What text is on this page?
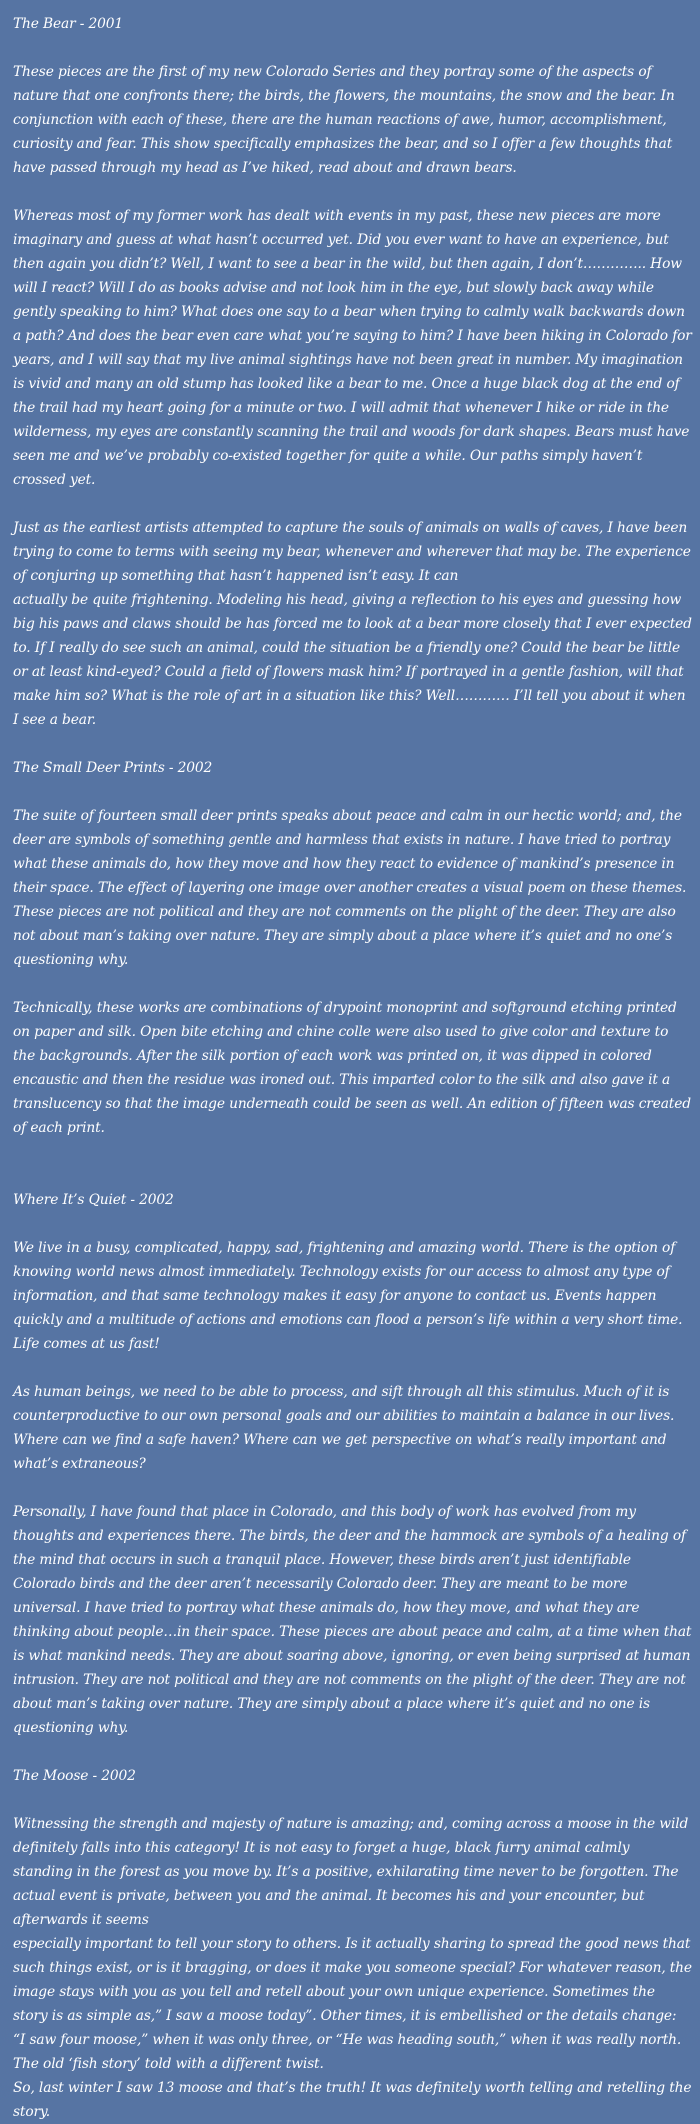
The Bear - 2001
These pieces are the first of my new Colorado Series and they portray some of the aspects of nature that one confronts there; the birds, the flowers, the mountains, the snow and the bear. In conjunction with each of these, there are the human reactions of awe, humor, accomplishment, curiosity and fear. This show specifically emphasizes the bear, and so I offer a few thoughts that have passed through my head as I’ve hiked, read about and drawn bears.
Whereas most of my former work has dealt with events in my past, these new pieces are more imaginary and guess at what hasn’t occurred yet. Did you ever want to have an experience, but then again you didn’t? Well, I want to see a bear in the wild, but then again, I don’t………….. How will I react? Will I do as books advise and not look him in the eye, but slowly back away while gently speaking to him? What does one say to a bear when trying to calmly walk backwards down a path? And does the bear even care what you’re saying to him? I have been hiking in Colorado for years, and I will say that my live animal sightings have not been great in number. My imagination is vivid and many an old stump has looked like a bear to me. Once a huge black dog at the end of the trail had my heart going for a minute or two. I will admit that whenever I hike or ride in the wilderness, my eyes are constantly scanning the trail and woods for dark shapes. Bears must have seen me and we’ve probably co-existed together for quite a while. Our paths simply haven’t crossed yet.
Just as the earliest artists attempted to capture the souls of animals on walls of caves, I have been trying to come to terms with seeing my bear, whenever and wherever that may be. The experience of conjuring up something that hasn’t happened isn’t easy. It can
actually be quite frightening. Modeling his head, giving a reflection to his eyes and guessing how big his paws and claws should be has forced me to look at a bear more closely that I ever expected to. If I really do see such an animal, could the situation be a friendly one? Could the bear be little or at least kind-eyed? Could a field of flowers mask him? If portrayed in a gentle fashion, will that make him so? What is the role of art in a situation like this? Well………… I’ll tell you about it when I see a bear.
The Small Deer Prints - 2002
The suite of fourteen small deer prints speaks about peace and calm in our hectic world; and, the deer are symbols of something gentle and harmless that exists in nature. I have tried to portray what these animals do, how they move and how they react to evidence of mankind’s presence in their space. The effect of layering one image over another creates a visual poem on these themes. These pieces are not political and they are not comments on the plight of the deer. They are also not about man’s taking over nature. They are simply about a place where it’s quiet and no one’s questioning why.
Technically, these works are combinations of drypoint monoprint and softground etching printed on paper and silk. Open bite etching and chine colle were also used to give color and texture to the backgrounds. After the silk portion of each work was printed on, it was dipped in colored encaustic and then the residue was ironed out. This imparted color to the silk and also gave it a translucency so that the image underneath could be seen as well. An edition of fifteen was created of each print.
Where It’s Quiet - 2002
We live in a busy, complicated, happy, sad, frightening and amazing world. There is the option of knowing world news almost immediately. Technology exists for our access to almost any type of information, and that same technology makes it easy for anyone to contact us. Events happen quickly and a multitude of actions and emotions can flood a person’s life within a very short time.
Life comes at us fast!
As human beings, we need to be able to process, and sift through all this stimulus. Much of it is counterproductive to our own personal goals and our abilities to maintain a balance in our lives. Where can we find a safe haven? Where can we get perspective on what’s really important and what’s extraneous?
Personally, I have found that place in Colorado, and this body of work has evolved from my thoughts and experiences there. The birds, the deer and the hammock are symbols of a healing of the mind that occurs in such a tranquil place. However, these birds aren’t just identifiable Colorado birds and the deer aren’t necessarily Colorado deer. They are meant to be more universal. I have tried to portray what these animals do, how they move, and what they are thinking about people…in their space. These pieces are about peace and calm, at a time when that is what mankind needs. They are about soaring above, ignoring, or even being surprised at human intrusion. They are not political and they are not comments on the plight of the deer. They are not about man’s taking over nature. They are simply about a place where it’s quiet and no one is questioning why.
The Moose - 2002
Witnessing the strength and majesty of nature is amazing; and, coming across a moose in the wild definitely falls into this category! It is not easy to forget a huge, black furry animal calmly standing in the forest as you move by. It’s a positive, exhilarating time never to be forgotten. The actual event is private, between you and the animal. It becomes his and your encounter, but afterwards it seems
especially important to tell your story to others. Is it actually sharing to spread the good news that such things exist, or is it bragging, or does it make you someone special? For whatever reason, the image stays with you as you tell and retell about your own unique experience. Sometimes the story is as simple as,” I saw a moose today”. Other times, it is embellished or the details change: “I saw four moose,” when it was only three, or “He was heading south,” when it was really north. The old ‘fish story’ told with a different twist.
So, last winter I saw 13 moose and that’s the truth! It was definitely worth telling and retelling the story.
